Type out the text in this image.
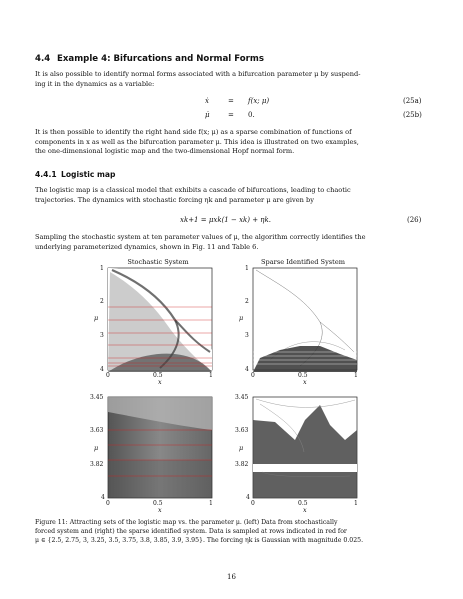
4.4 Example 4: Bifurcations and Normal Forms
It is also possible to identify normal forms associated with a bifurcation parameter μ by suspend-
ing it in the dynamics as a variable:
ẋ	= f(x; μ)	(25a)
μ̇	= 0.	(25b)
It is then possible to identify the right hand side f(x; μ) as a sparse combination of functions of
components in x as well as the bifurcation parameter μ. This idea is illustrated on two examples,
the one-dimensional logistic map and the two-dimensional Hopf normal form.
4.4.1 Logistic map
The logistic map is a classical model that exhibits a cascade of bifurcations, leading to chaotic
trajectories. The dynamics with stochastic forcing ηk and parameter μ are given by
xk+1 = μxk(1 − xk) + ηk.	(26)
Sampling the stochastic system at ten parameter values of μ, the algorithm correctly identifies the
underlying parameterized dynamics, shown in Fig. 11 and Table 6.
Stochastic System	Sparse Identified System
1
2
3
4
μ
0	0.5	1
x
1
2
3
4
μ
0	0.5	1
x
3.45
3.63
3.82
4
μ
0	0.5	1
x
3.45
3.63
3.82
4
μ
0	0.5	1
x
Figure 11: Attracting sets of the logistic map vs. the parameter μ. (left) Data from stochastically
forced system and (right) the sparse identified system. Data is sampled at rows indicated in red for
μ ∈ {2.5, 2.75, 3, 3.25, 3.5, 3.75, 3.8, 3.85, 3.9, 3.95}. The forcing ηk is Gaussian with magnitude 0.025.
16
